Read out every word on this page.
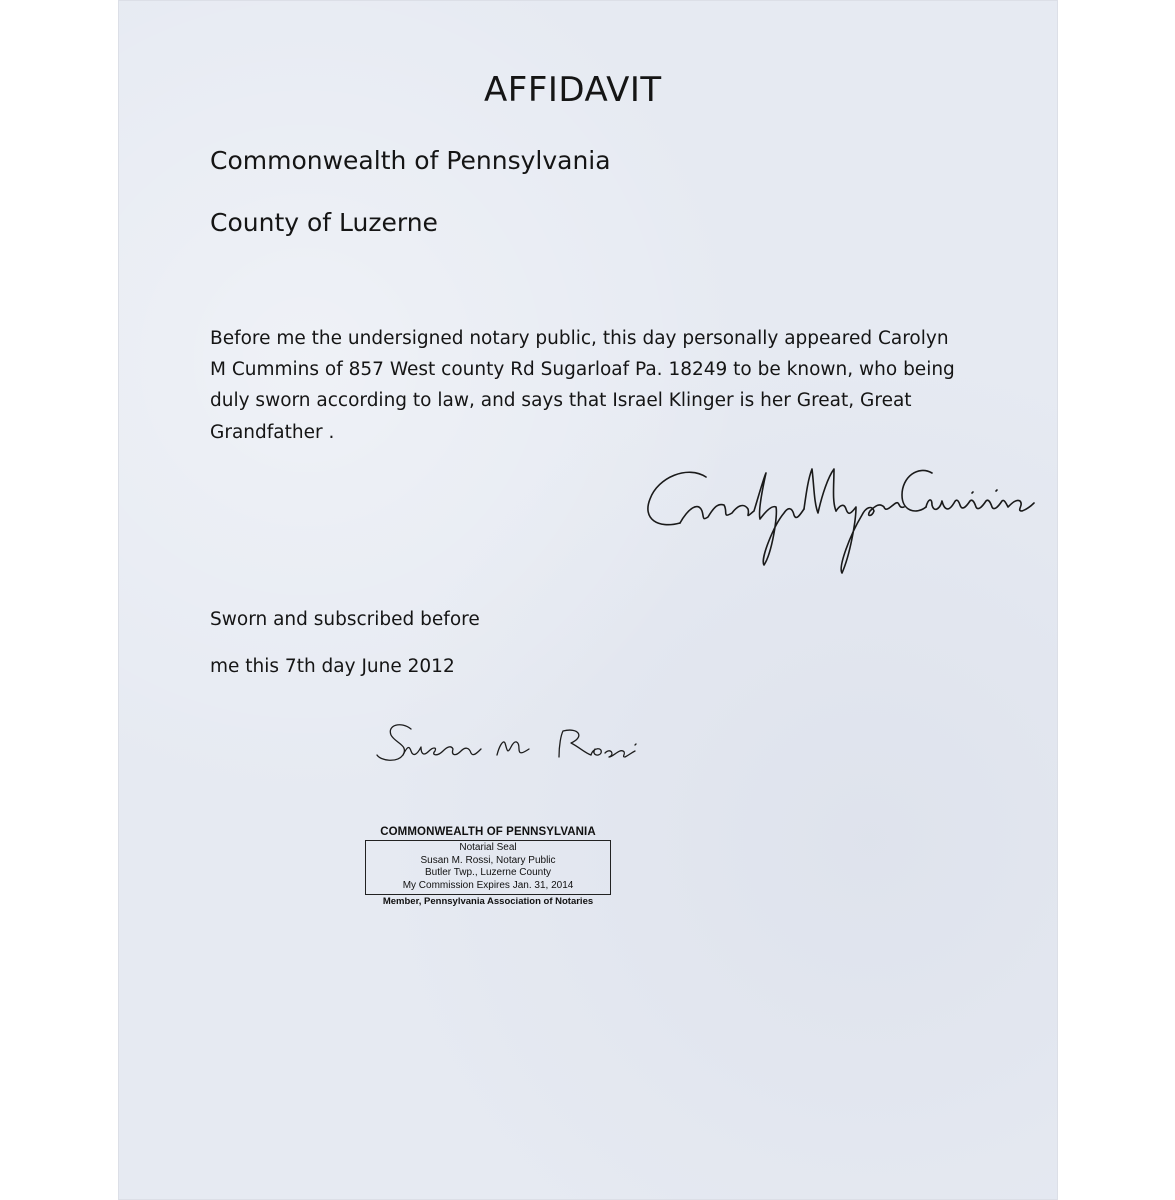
AFFIDAVIT
Commonwealth of Pennsylvania
County of Luzerne
Before me the undersigned notary public, this day personally appeared Carolyn
M Cummins of 857 West county Rd Sugarloaf Pa. 18249 to be known, who being
duly sworn according to law, and says that Israel Klinger is her Great, Great
Grandfather .
Sworn and subscribed before
me this 7th day June 2012
COMMONWEALTH OF PENNSYLVANIA
Notarial Seal
Susan M. Rossi, Notary Public
Butler Twp., Luzerne County
My Commission Expires Jan. 31, 2014
Member, Pennsylvania Association of Notaries
